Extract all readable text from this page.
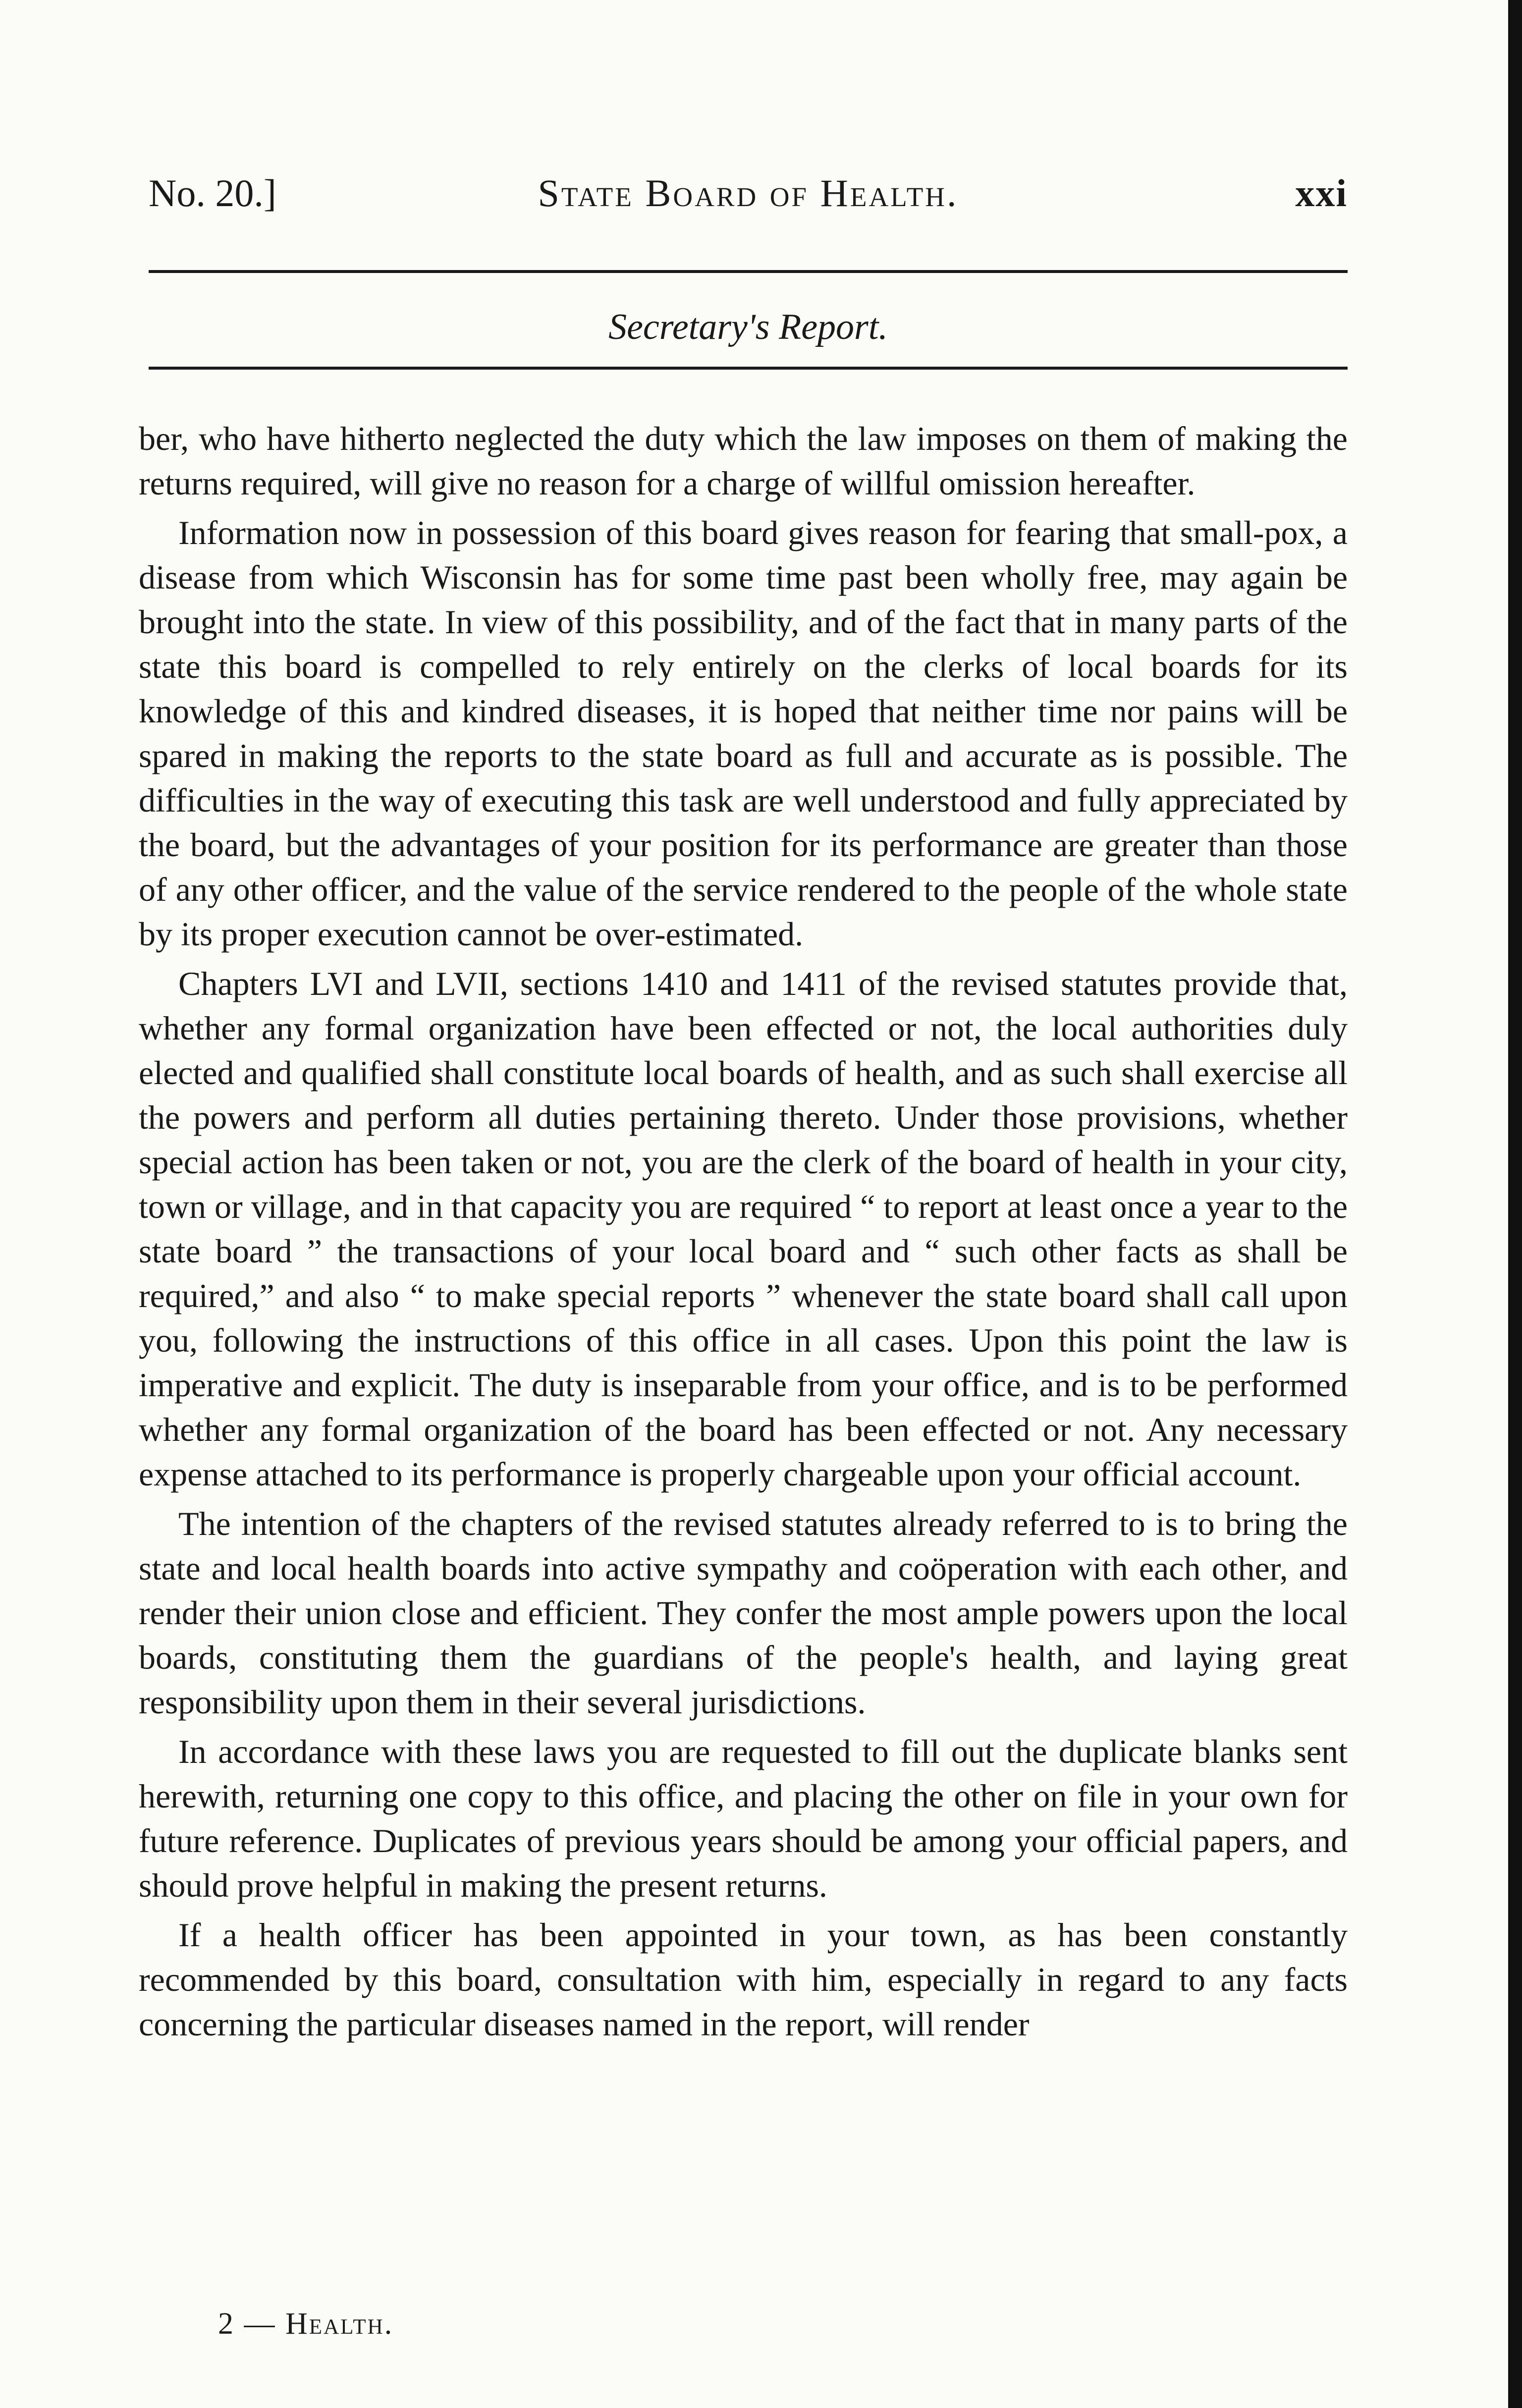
No. 20.]	State Board of Health.	xxi
Secretary's Report.

ber, who have hitherto neglected the duty which the law imposes on them of making the returns required, will give no reason for a charge of willful omission hereafter.

Information now in possession of this board gives reason for fearing that small-pox, a disease from which Wisconsin has for some time past been wholly free, may again be brought into the state. In view of this possibility, and of the fact that in many parts of the state this board is compelled to rely entirely on the clerks of local boards for its knowledge of this and kindred diseases, it is hoped that neither time nor pains will be spared in making the reports to the state board as full and accurate as is possible. The difficulties in the way of executing this task are well understood and fully appreciated by the board, but the advantages of your position for its performance are greater than those of any other officer, and the value of the service rendered to the people of the whole state by its proper execution cannot be over-estimated.

Chapters LVI and LVII, sections 1410 and 1411 of the revised statutes provide that, whether any formal organization have been effected or not, the local authorities duly elected and qualified shall constitute local boards of health, and as such shall exercise all the powers and perform all duties pertaining thereto. Under those provisions, whether special action has been taken or not, you are the clerk of the board of health in your city, town or village, and in that capacity you are required “ to report at least once a year to the state board ” the transactions of your local board and “ such other facts as shall be required,” and also “ to make special reports ” whenever the state board shall call upon you, following the instructions of this office in all cases. Upon this point the law is imperative and explicit. The duty is inseparable from your office, and is to be performed whether any formal organization of the board has been effected or not. Any necessary expense attached to its performance is properly chargeable upon your official account.

The intention of the chapters of the revised statutes already referred to is to bring the state and local health boards into active sympathy and coöperation with each other, and render their union close and efficient. They confer the most ample powers upon the local boards, constituting them the guardians of the people's health, and laying great responsibility upon them in their several jurisdictions.

In accordance with these laws you are requested to fill out the duplicate blanks sent herewith, returning one copy to this office, and placing the other on file in your own for future reference. Duplicates of previous years should be among your official papers, and should prove helpful in making the present returns.

If a health officer has been appointed in your town, as has been constantly recommended by this board, consultation with him, especially in regard to any facts concerning the particular diseases named in the report, will render

2 — Health.
